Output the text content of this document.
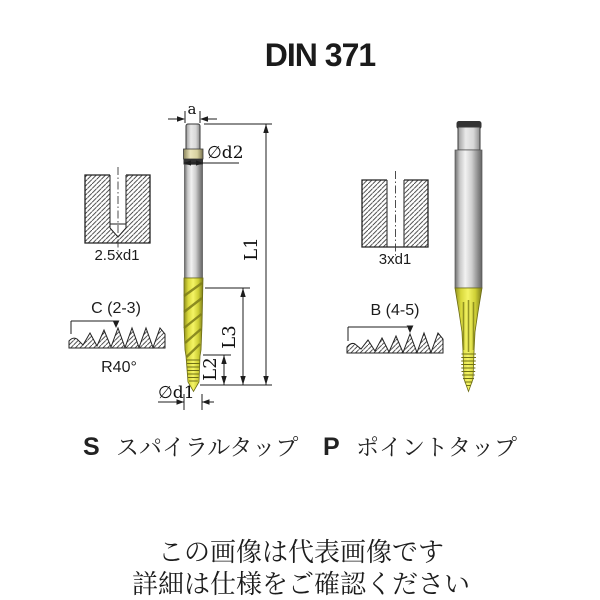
DIN 371
a
2.5xd1
C (2-3)
R40°
∅d2
L1
L3
L2
∅d1
S スパイラルタップ
3xd1
B (4-5)
P ポイントタップ
この画像は代表画像です
詳細は仕様をご確認ください
